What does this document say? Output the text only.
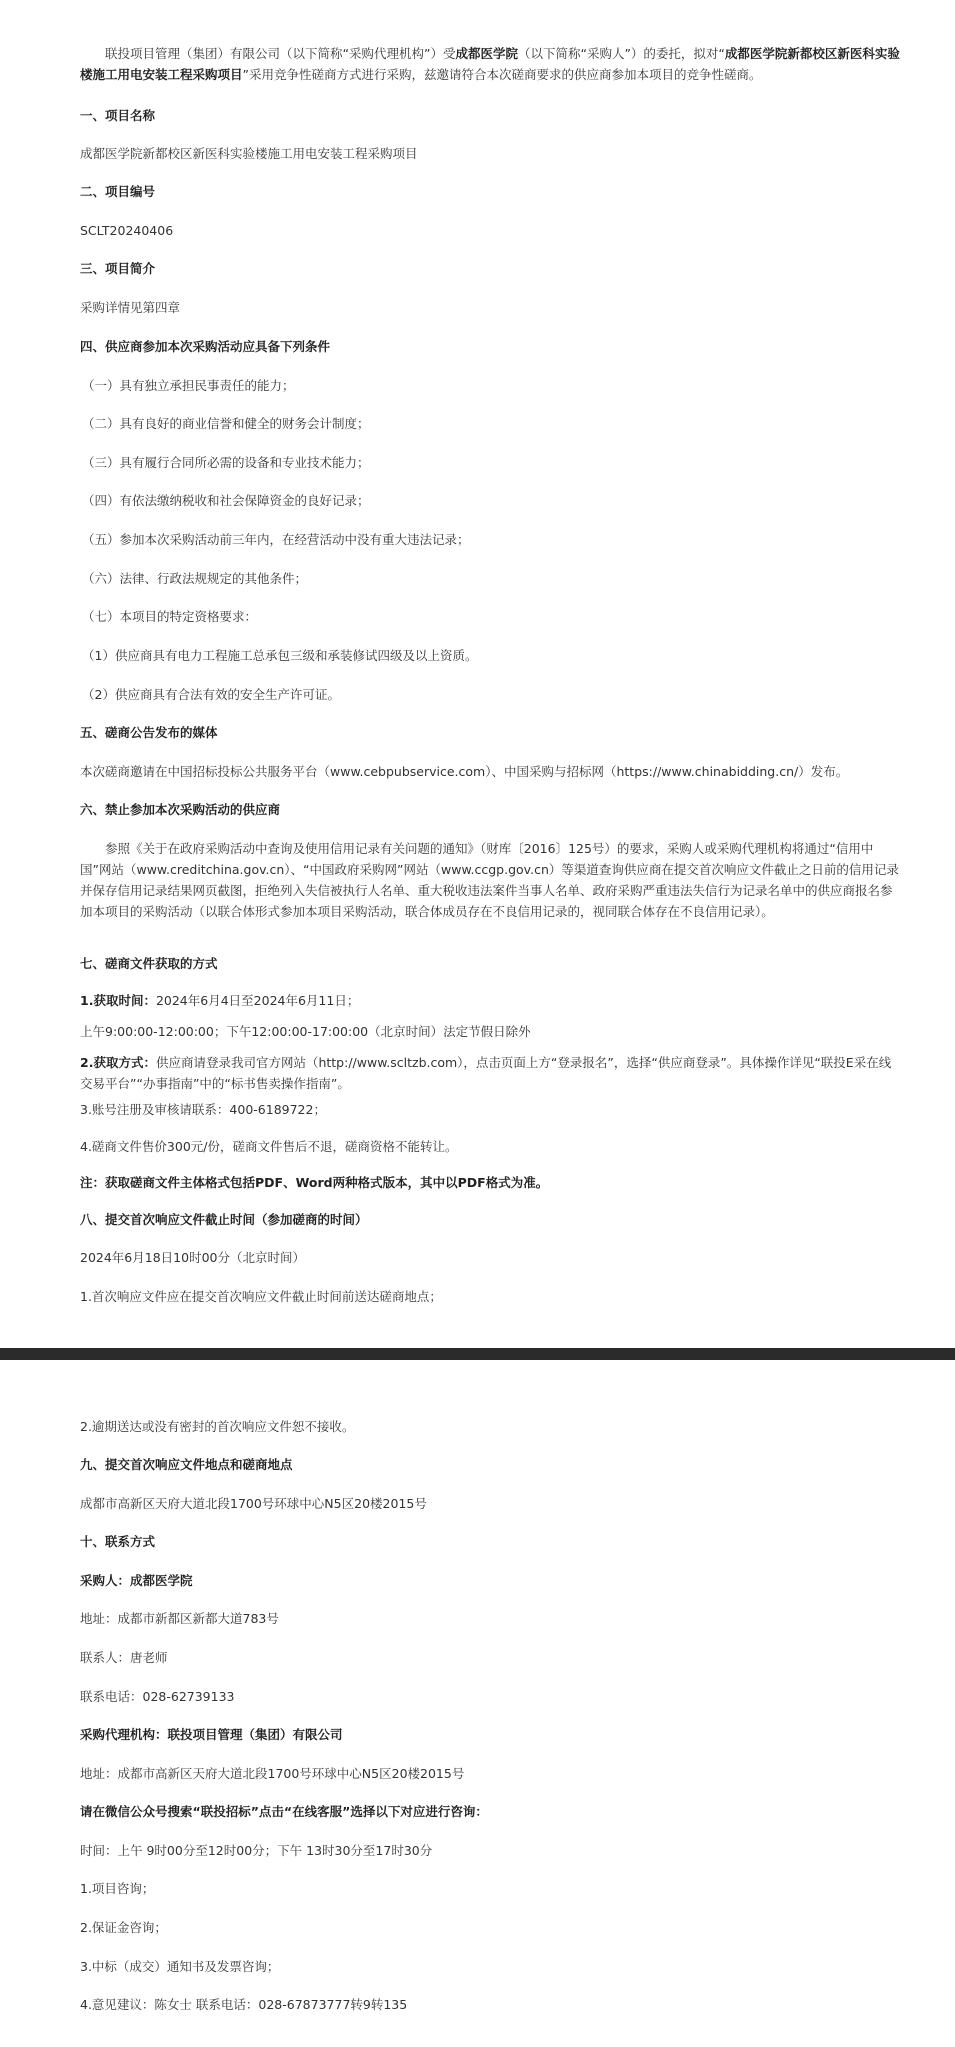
联投项目管理（集团）有限公司（以下简称“采购代理机构”）受成都医学院（以下简称“采购人”）的委托，拟对“成都医学院新都校区新医科实验楼施工用电安装工程采购项目”采用竞争性磋商方式进行采购，兹邀请符合本次磋商要求的供应商参加本项目的竞争性磋商。
一、项目名称
成都医学院新都校区新医科实验楼施工用电安装工程采购项目
二、项目编号
SCLT20240406
三、项目简介
采购详情见第四章
四、供应商参加本次采购活动应具备下列条件
（一）具有独立承担民事责任的能力；
（二）具有良好的商业信誉和健全的财务会计制度；
（三）具有履行合同所必需的设备和专业技术能力；
（四）有依法缴纳税收和社会保障资金的良好记录；
（五）参加本次采购活动前三年内，在经营活动中没有重大违法记录；
（六）法律、行政法规规定的其他条件；
（七）本项目的特定资格要求：
（1）供应商具有电力工程施工总承包三级和承装修试四级及以上资质。
（2）供应商具有合法有效的安全生产许可证。
五、磋商公告发布的媒体
本次磋商邀请在中国招标投标公共服务平台（www.cebpubservice.com）、中国采购与招标网（https://www.chinabidding.cn/）发布。
六、禁止参加本次采购活动的供应商
参照《关于在政府采购活动中查询及使用信用记录有关问题的通知》（财库〔2016〕125号）的要求，采购人或采购代理机构将通过“信用中国”网站（www.creditchina.gov.cn）、“中国政府采购网”网站（www.ccgp.gov.cn）等渠道查询供应商在提交首次响应文件截止之日前的信用记录并保存信用记录结果网页截图，拒绝列入失信被执行人名单、重大税收违法案件当事人名单、政府采购严重违法失信行为记录名单中的供应商报名参加本项目的采购活动（以联合体形式参加本项目采购活动，联合体成员存在不良信用记录的，视同联合体存在不良信用记录）。
七、磋商文件获取的方式
1.获取时间：2024年6月4日至2024年6月11日；
上午9:00:00-12:00:00；下午12:00:00-17:00:00（北京时间）法定节假日除外
2.获取方式：供应商请登录我司官方网站（http://www.scltzb.com），点击页面上方“登录报名”，选择“供应商登录”。具体操作详见“联投E采在线交易平台”“办事指南”中的“标书售卖操作指南”。
3.账号注册及审核请联系：400-6189722；
4.磋商文件售价300元/份，磋商文件售后不退，磋商资格不能转让。
注：获取磋商文件主体格式包括PDF、Word两种格式版本，其中以PDF格式为准。
八、提交首次响应文件截止时间（参加磋商的时间）
2024年6月18日10时00分（北京时间）
1.首次响应文件应在提交首次响应文件截止时间前送达磋商地点；
2.逾期送达或没有密封的首次响应文件恕不接收。
九、提交首次响应文件地点和磋商地点
成都市高新区天府大道北段1700号环球中心N5区20楼2015号
十、联系方式
采购人：成都医学院
地址：成都市新都区新都大道783号
联系人：唐老师
联系电话：028-62739133
采购代理机构：联投项目管理（集团）有限公司
地址：成都市高新区天府大道北段1700号环球中心N5区20楼2015号
请在微信公众号搜索“联投招标”点击“在线客服”选择以下对应进行咨询：
时间：上午 9时00分至12时00分；下午 13时30分至17时30分
1.项目咨询；
2.保证金咨询；
3.中标（成交）通知书及发票咨询；
4.意见建议：陈女士 联系电话：028-67873777转9转135
